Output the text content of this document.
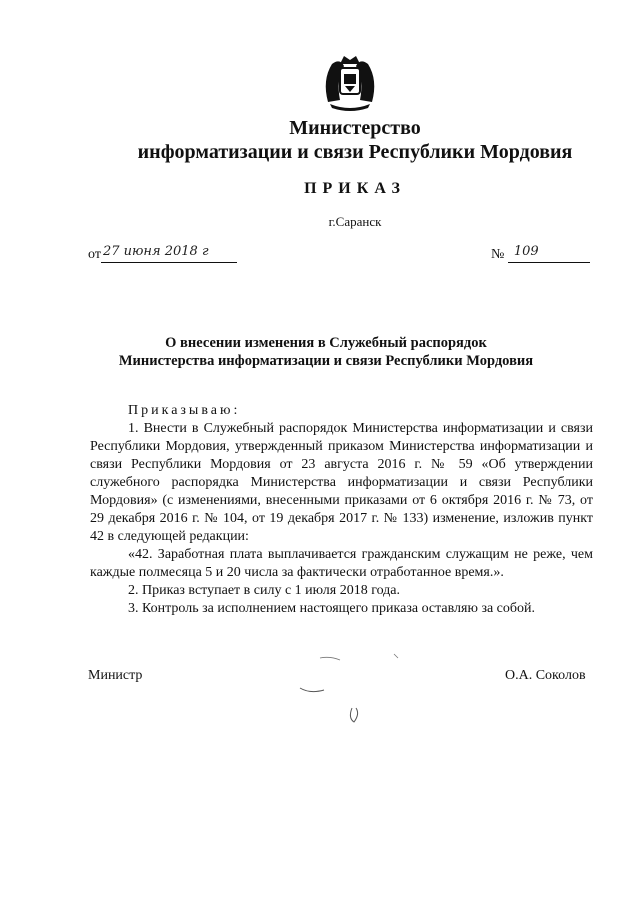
Министерство
информатизации и связи Республики Мордовия
ПРИКАЗ
г.Саранск
от 27 июня 2018 г	№ 109
О внесении изменения в Служебный распорядок
Министерства информатизации и связи Республики Мордовия

Приказываю:

1. Внести в Служебный распорядок Министерства информатизации и связи Республики Мордовия, утвержденный приказом Министерства информатизации и связи Республики Мордовия от 23 августа 2016 г. № 59 «Об утверждении служебного распорядка Министерства информатизации и связи Республики Мордовия» (с изменениями, внесенными приказами от 6 октября 2016 г. № 73, от 29 декабря 2016 г. № 104, от 19 декабря 2017 г. № 133) изменение, изложив пункт 42 в следующей редакции:

«42. Заработная плата выплачивается гражданским служащим не реже, чем каждые полмесяца 5 и 20 числа за фактически отработанное время.».

2. Приказ вступает в силу с 1 июля 2018 года.

3. Контроль за исполнением настоящего приказа оставляю за собой.

Министр	О.А. Соколов
